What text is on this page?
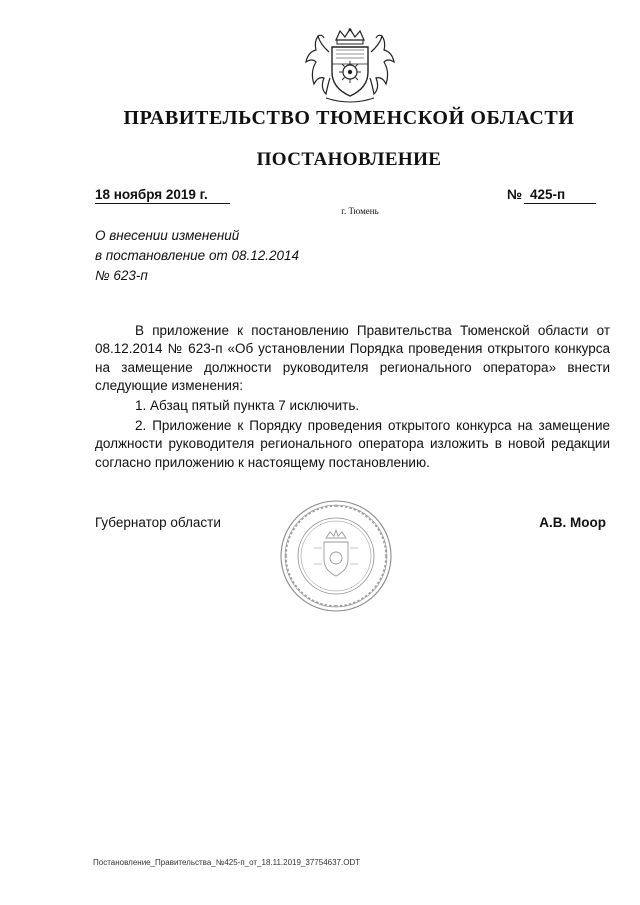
ПРАВИТЕЛЬСТВО ТЮМЕНСКОЙ ОБЛАСТИ
ПОСТАНОВЛЕНИЕ
18 ноября 2019 г.	№ 425-п
г. Тюмень
О внесении изменений
в постановление от 08.12.2014
№ 623-п

В приложение к постановлению Правительства Тюменской области от 08.12.2014 № 623-п «Об установлении Порядка проведения открытого конкурса на замещение должности руководителя регионального оператора» внести следующие изменения:

1. Абзац пятый пункта 7 исключить.

2. Приложение к Порядку проведения открытого конкурса на замещение должности руководителя регионального оператора изложить в новой редакции согласно приложению к настоящему постановлению.

Губернатор области	А.В. Моор
Постановление_Правительства_№425-п_от_18.11.2019_37754637.ODT
